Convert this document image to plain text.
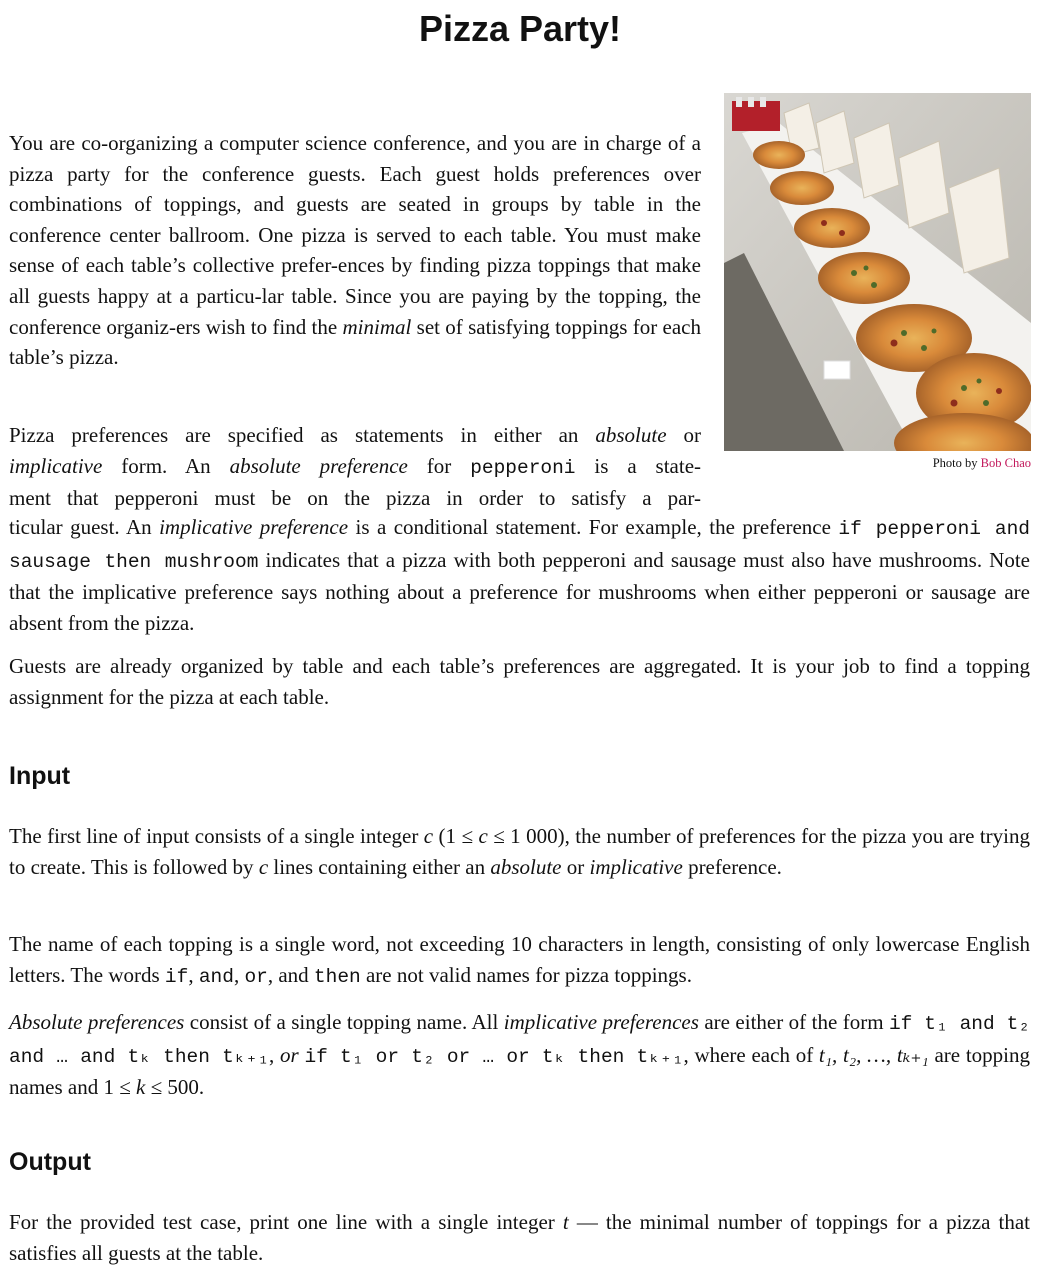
Pizza Party!
Photo by Bob Chao

You are co-organizing a computer science conference, and you are in charge of a pizza party for the conference guests. Each guest holds preferences over combinations of toppings, and guests are seated in groups by table in the conference center ballroom. One pizza is served to each table. You must make sense of each table’s collective prefer-ences by finding pizza toppings that make all guests happy at a particu-lar table. Since you are paying by the topping, the conference organiz-ers wish to find the minimal set of satisfying toppings for each table’s pizza.

Pizza preferences are specified as statements in either an absolute or
implicative form. An absolute preference for pepperoni is a state-
ment that pepperoni must be on the pizza in order to satisfy a par-

ticular guest. An implicative preference is a conditional statement. For example, the preference if pepperoni and sausage then mushroom indicates that a pizza with both pepperoni and sausage must also have mushrooms. Note that the implicative preference says nothing about a preference for mushrooms when either pepperoni or sausage are absent from the pizza.

Guests are already organized by table and each table’s preferences are aggregated. It is your job to find a topping assignment for the pizza at each table.

Input

The first line of input consists of a single integer c (1 ≤ c ≤ 1 000), the number of preferences for the pizza you are trying to create. This is followed by c lines containing either an absolute or implicative preference.

The name of each topping is a single word, not exceeding 10 characters in length, consisting of only lowercase English letters. The words if, and, or, and then are not valid names for pizza toppings.

Absolute preferences consist of a single topping name. All implicative preferences are either of the form if t₁ and t₂ and … and tₖ then tₖ₊₁, or if t₁ or t₂ or … or tₖ then tₖ₊₁, where each of t₁, t₂, …, tₖ₊₁ are topping names and 1 ≤ k ≤ 500.

Output

For the provided test case, print one line with a single integer t — the minimal number of toppings for a pizza that satisfies all guests at the table.
